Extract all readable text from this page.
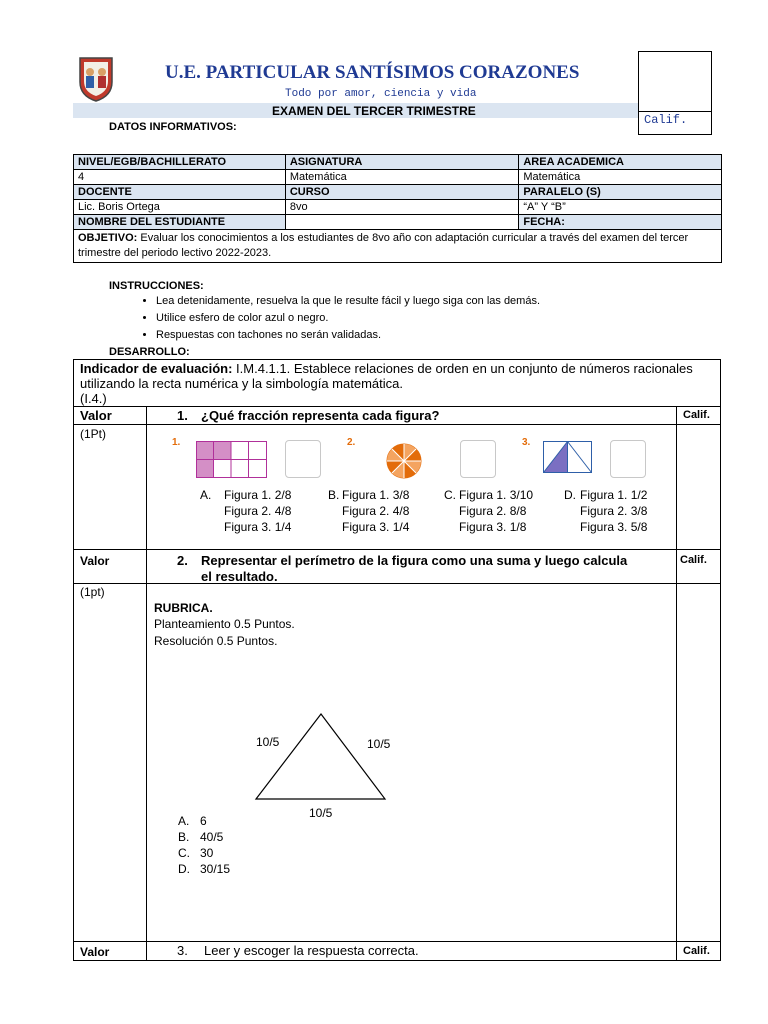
U.E. PARTICULAR SANTÍSIMOS CORAZONES
Todo por amor, ciencia y vida
EXAMEN DEL TERCER TRIMESTRE
Calif.
DATOS INFORMATIVOS:
NIVEL/EGB/BACHILLERATO	ASIGNATURA	AREA ACADEMICA
4	Matemática	Matemática
DOCENTE	CURSO	PARALELO (S)
Lic. Boris Ortega	8vo	“A” Y “B”
NOMBRE DEL ESTUDIANTE		FECHA:
OBJETIVO: Evaluar los conocimientos a los estudiantes de 8vo año con adaptación curricular a través del examen del tercer trimestre del periodo lectivo 2022-2023.		
INSTRUCCIONES:
• Lea detenidamente, resuelva la que le resulte fácil y luego siga con las demás.
• Utilice esfero de color azul o negro.
• Respuestas con tachones no serán validadas.
DESARROLLO:
Indicador de evaluación: I.M.4.1.1. Establece relaciones de orden en un conjunto de números racionales utilizando la recta numérica y la simbología matemática.
(I.4.)
Valor	1. ¿Qué fracción representa cada figura?	Calif.
(1Pt)
1.	2.	3.
A. Figura 1. 2/8

Figura 2. 4/8

Figura 3. 1/4
B. Figura 1. 3/8

Figura 2. 4/8

Figura 3. 1/4
C. Figura 1. 3/10

Figura 2. 8/8

Figura 3. 1/8
D. Figura 1. 1/2

Figura 2. 3/8

Figura 3. 5/8
Valor	2. Representar el perímetro de la figura como una suma y luego calcula
el resultado.
Calif.
(1pt)
RUBRICA.
Planteamiento 0.5 Puntos.
Resolución 0.5 Puntos.
10/5	10/5
10/5
A. 6
B. 40/5
C. 30
D. 30/15
Valor	3. Leer y escoger la respuesta correcta.	Calif.
